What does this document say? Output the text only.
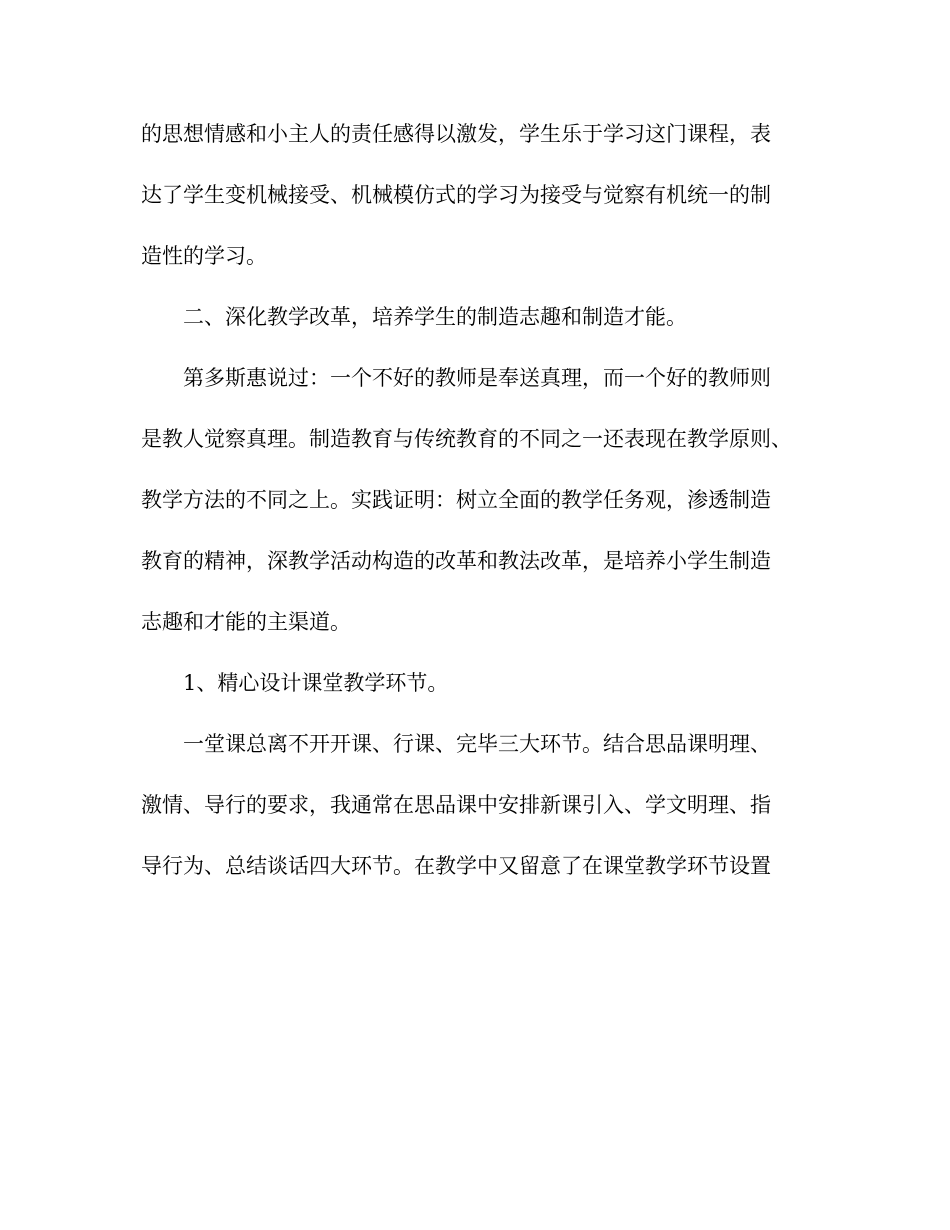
的思想情感和小主人的责任感得以激发，学生乐于学习这门课程，表
达了学生变机械接受、机械模仿式的学习为接受与觉察有机统一的制
造性的学习。
二、深化教学改革，培养学生的制造志趣和制造才能。
第多斯惠说过：一个不好的教师是奉送真理，而一个好的教师则
是教人觉察真理。制造教育与传统教育的不同之一还表现在教学原则、
教学方法的不同之上。实践证明：树立全面的教学任务观，渗透制造
教育的精神，深教学活动构造的改革和教法改革，是培养小学生制造
志趣和才能的主渠道。
1、精心设计课堂教学环节。
一堂课总离不开开课、行课、完毕三大环节。结合思品课明理、
激情、导行的要求，我通常在思品课中安排新课引入、学文明理、指
导行为、总结谈话四大环节。在教学中又留意了在课堂教学环节设置
